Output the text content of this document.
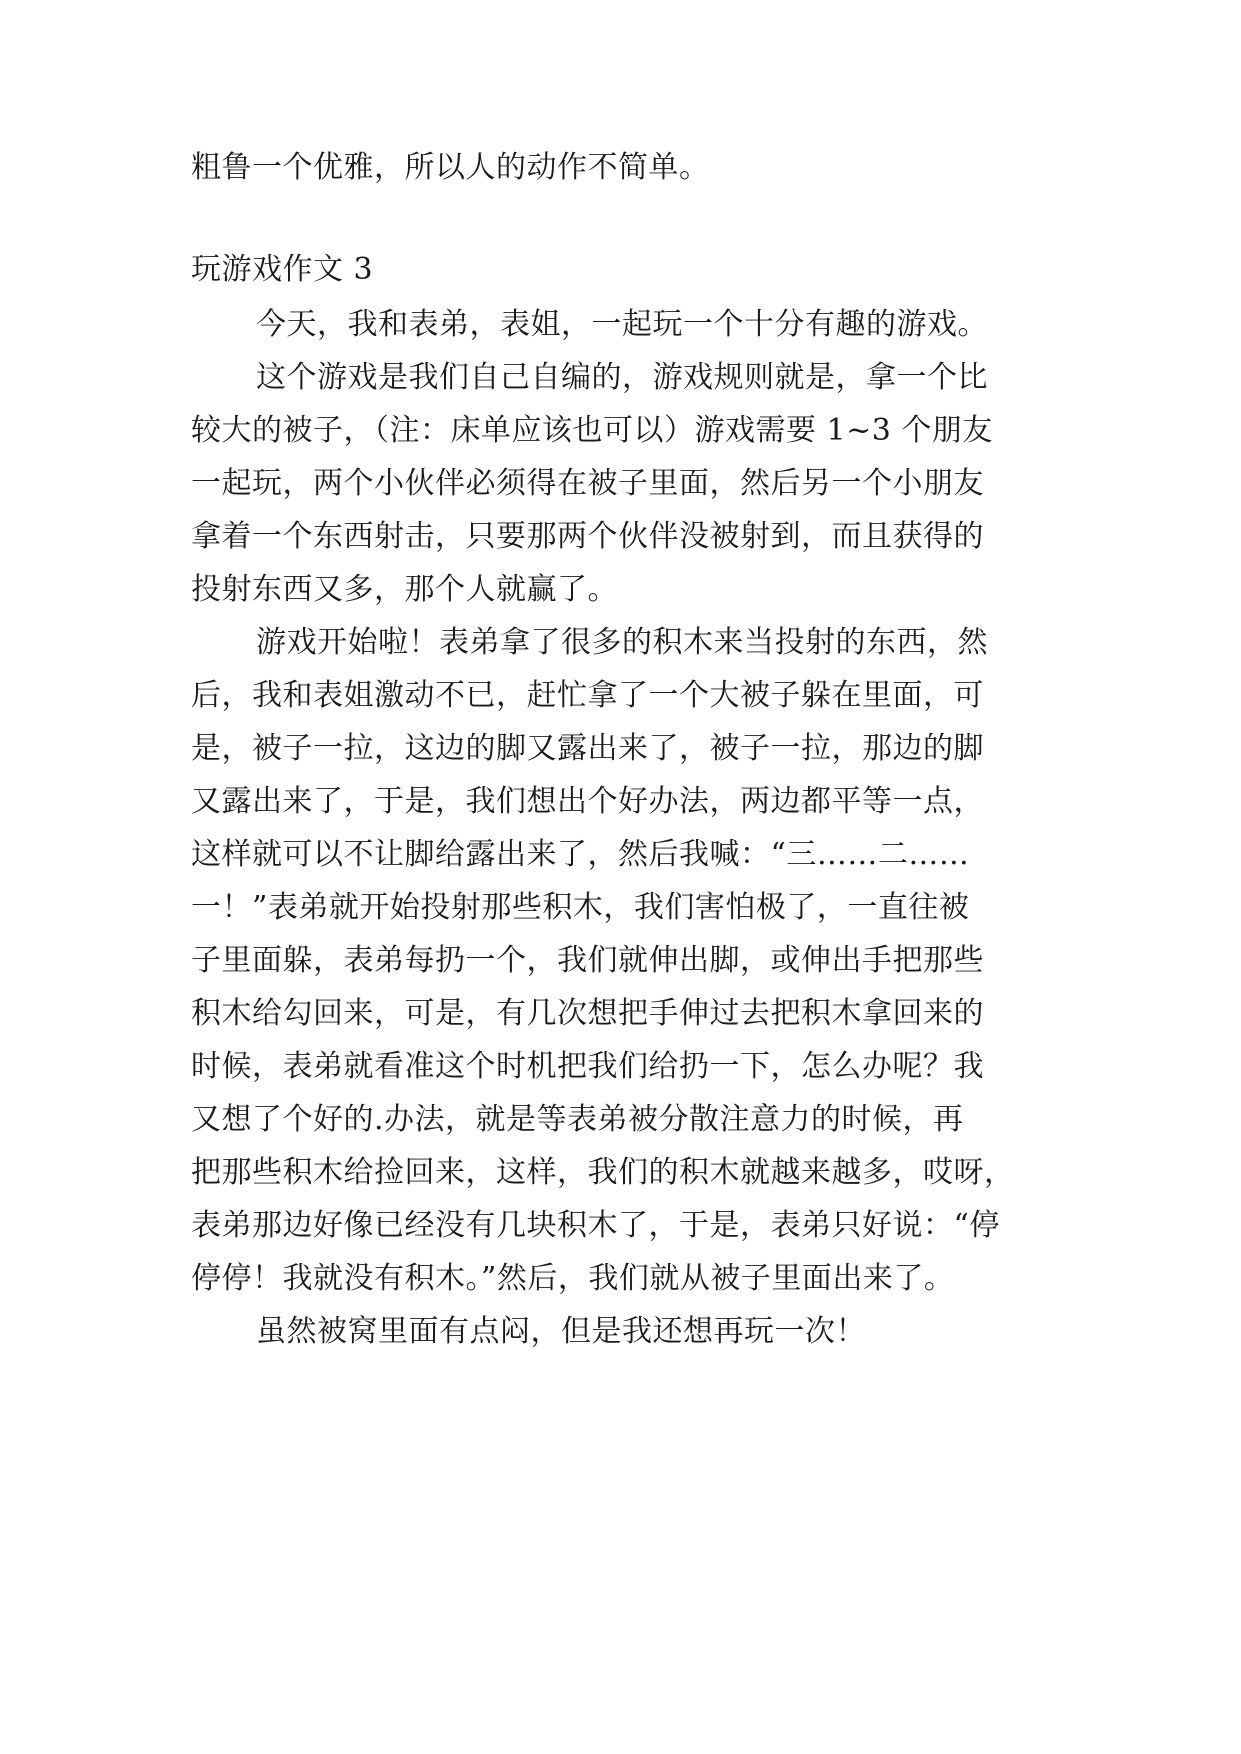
粗鲁一个优雅，所以人的动作不简单。
玩游戏作文 3
今天，我和表弟，表姐，一起玩一个十分有趣的游戏。
这个游戏是我们自己自编的，游戏规则就是，拿一个比
较大的被子，（注：床单应该也可以）游戏需要 1~3 个朋友
一起玩，两个小伙伴必须得在被子里面，然后另一个小朋友
拿着一个东西射击，只要那两个伙伴没被射到，而且获得的
投射东西又多，那个人就赢了。
游戏开始啦！表弟拿了很多的积木来当投射的东西，然
后，我和表姐激动不已，赶忙拿了一个大被子躲在里面，可
是，被子一拉，这边的脚又露出来了，被子一拉，那边的脚
又露出来了，于是，我们想出个好办法，两边都平等一点，
这样就可以不让脚给露出来了，然后我喊：“三……二……
一！”表弟就开始投射那些积木，我们害怕极了，一直往被
子里面躲，表弟每扔一个，我们就伸出脚，或伸出手把那些
积木给勾回来，可是，有几次想把手伸过去把积木拿回来的
时候，表弟就看准这个时机把我们给扔一下，怎么办呢？我
又想了个好的.办法，就是等表弟被分散注意力的时候，再
把那些积木给捡回来，这样，我们的积木就越来越多，哎呀，
表弟那边好像已经没有几块积木了，于是，表弟只好说：“停
停停！我就没有积木。”然后，我们就从被子里面出来了。
虽然被窝里面有点闷，但是我还想再玩一次！
